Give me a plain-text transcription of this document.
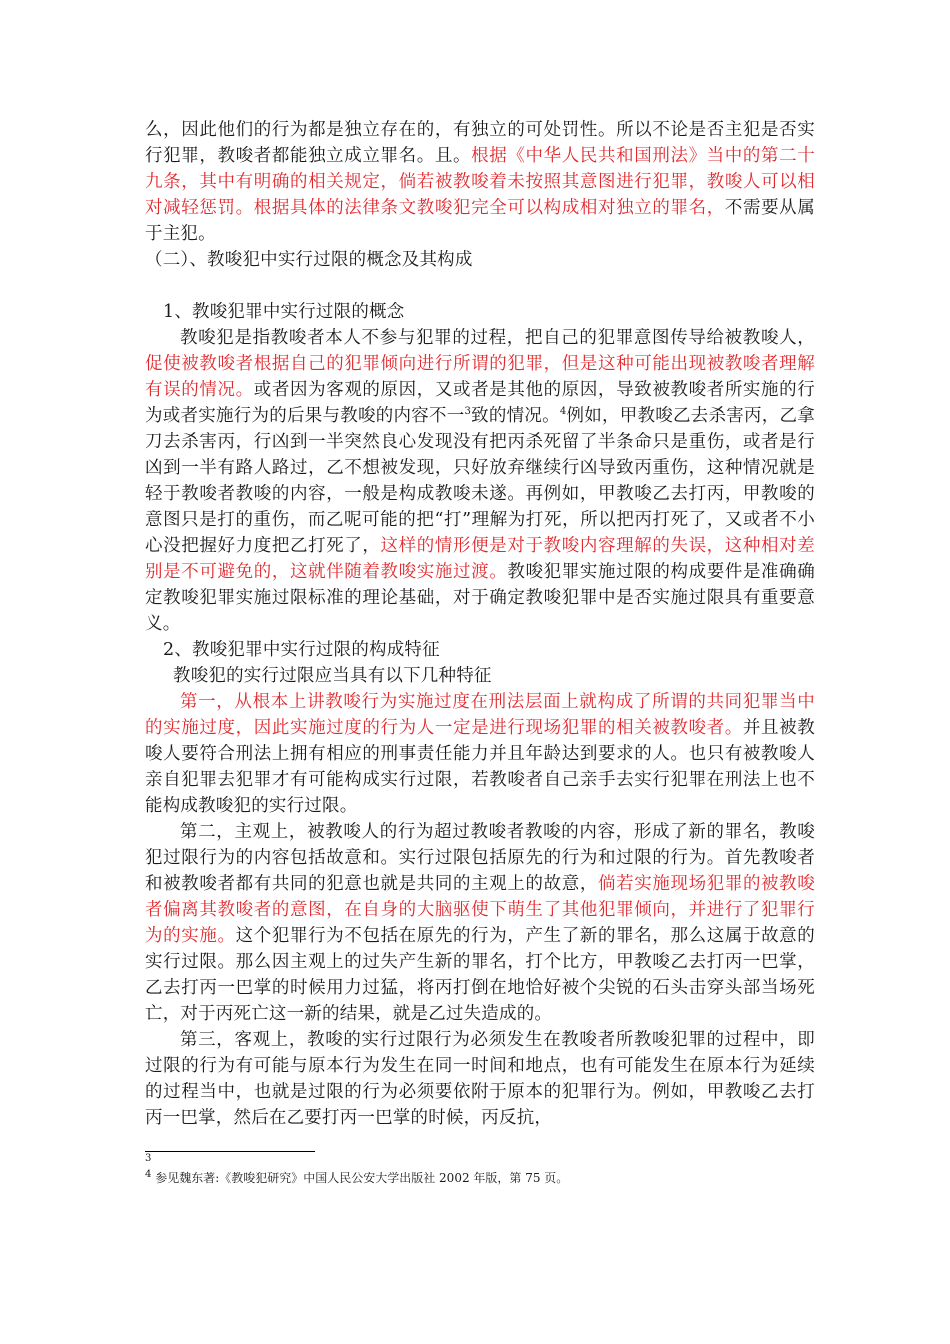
么，因此他们的行为都是独立存在的，有独立的可处罚性。所以不论是否主犯是否实行犯罪，教唆者都能独立成立罪名。且。根据《中华人民共和国刑法》当中的第二十九条，其中有明确的相关规定，倘若被教唆着未按照其意图进行犯罪，教唆人可以相对减轻惩罚。根据具体的法律条文教唆犯完全可以构成相对独立的罪名，不需要从属于主犯。

（二）、教唆犯中实行过限的概念及其构成

1、教唆犯罪中实行过限的概念

教唆犯是指教唆者本人不参与犯罪的过程，把自己的犯罪意图传导给被教唆人，促使被教唆者根据自己的犯罪倾向进行所谓的犯罪，但是这种可能出现被教唆者理解有误的情况。或者因为客观的原因，又或者是其他的原因，导致被教唆者所实施的行为或者实施行为的后果与教唆的内容不一$^3$致的情况。$^4$例如，甲教唆乙去杀害丙，乙拿刀去杀害丙，行凶到一半突然良心发现没有把丙杀死留了半条命只是重伤，或者是行凶到一半有路人路过，乙不想被发现，只好放弃继续行凶导致丙重伤，这种情况就是轻于教唆者教唆的内容，一般是构成教唆未遂。再例如，甲教唆乙去打丙，甲教唆的意图只是打的重伤，而乙呢可能的把“打”理解为打死，所以把丙打死了，又或者不小心没把握好力度把乙打死了，这样的情形便是对于教唆内容理解的失误，这种相对差别是不可避免的，这就伴随着教唆实施过渡。教唆犯罪实施过限的构成要件是准确确定教唆犯罪实施过限标准的理论基础，对于确定教唆犯罪中是否实施过限具有重要意义。

2、教唆犯罪中实行过限的构成特征

教唆犯的实行过限应当具有以下几种特征

第一，从根本上讲教唆行为实施过度在刑法层面上就构成了所谓的共同犯罪当中的实施过度，因此实施过度的行为人一定是进行现场犯罪的相关被教唆者。并且被教唆人要符合刑法上拥有相应的刑事责任能力并且年龄达到要求的人。也只有被教唆人亲自犯罪去犯罪才有可能构成实行过限，若教唆者自己亲手去实行犯罪在刑法上也不能构成教唆犯的实行过限。

第二，主观上，被教唆人的行为超过教唆者教唆的内容，形成了新的罪名，教唆犯过限行为的内容包括故意和。实行过限包括原先的行为和过限的行为。首先教唆者和被教唆者都有共同的犯意也就是共同的主观上的故意，倘若实施现场犯罪的被教唆者偏离其教唆者的意图，在自身的大脑驱使下萌生了其他犯罪倾向，并进行了犯罪行为的实施。这个犯罪行为不包括在原先的行为，产生了新的罪名，那么这属于故意的实行过限。那么因主观上的过失产生新的罪名，打个比方，甲教唆乙去打丙一巴掌，乙去打丙一巴掌的时候用力过猛，将丙打倒在地恰好被个尖锐的石头击穿头部当场死亡，对于丙死亡这一新的结果，就是乙过失造成的。

第三，客观上，教唆的实行过限行为必须发生在教唆者所教唆犯罪的过程中，即过限的行为有可能与原本行为发生在同一时间和地点，也有可能发生在原本行为延续的过程当中，也就是过限的行为必须要依附于原本的犯罪行为。例如，甲教唆乙去打丙一巴掌，然后在乙要打丙一巴掌的时候，丙反抗，

$^3$

$^4$ 参见魏东著:《教唆犯研究》中国人民公安大学出版社 2002 年版，第 75 页。
